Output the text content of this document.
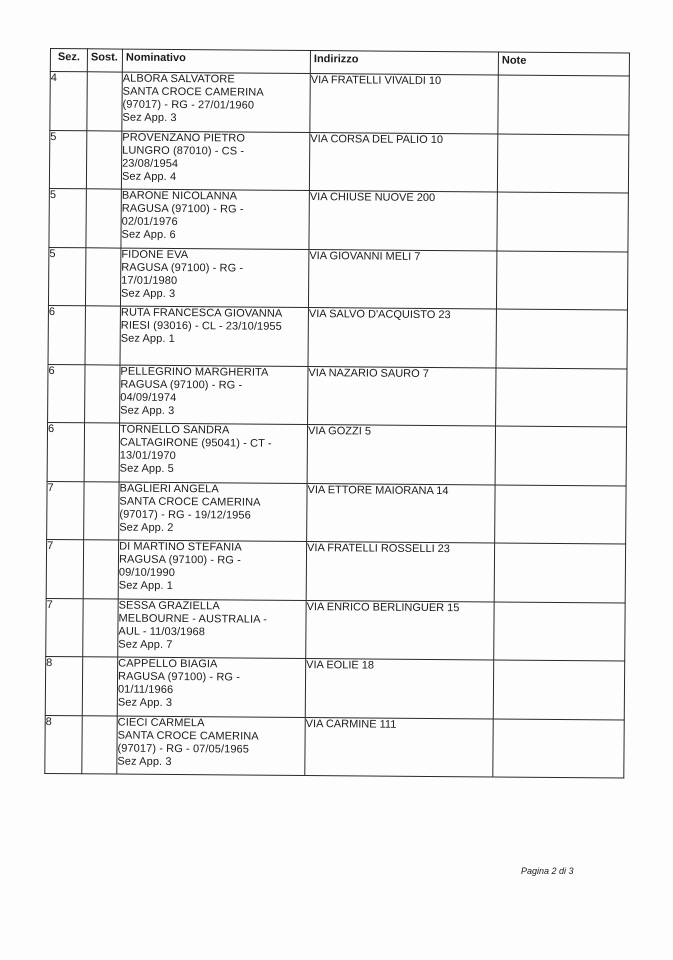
Sez.	Sost.	Nominativo	Indirizzo	Note
4		ALBORA SALVATORE
SANTA CROCE CAMERINA
(97017) - RG - 27/01/1960
Sez App. 3	VIA FRATELLI VIVALDI 10	
5		PROVENZANO PIETRO
LUNGRO (87010) - CS -
23/08/1954
Sez App. 4	VIA CORSA DEL PALIO 10	
5		BARONE NICOLANNA
RAGUSA (97100) - RG -
02/01/1976
Sez App. 6	VIA CHIUSE NUOVE 200	
5		FIDONE EVA
RAGUSA (97100) - RG -
17/01/1980
Sez App. 3	VIA GIOVANNI MELI 7	
6		RUTA FRANCESCA GIOVANNA
RIESI (93016) - CL - 23/10/1955
Sez App. 1	VIA SALVO D'ACQUISTO 23	
6		PELLEGRINO MARGHERITA
RAGUSA (97100) - RG -
04/09/1974
Sez App. 3	VIA NAZARIO SAURO 7	
6		TORNELLO SANDRA
CALTAGIRONE (95041) - CT -
13/01/1970
Sez App. 5	VIA GOZZI 5	
7		BAGLIERI ANGELA
SANTA CROCE CAMERINA
(97017) - RG - 19/12/1956
Sez App. 2	VIA ETTORE MAIORANA 14	
7		DI MARTINO STEFANIA
RAGUSA (97100) - RG -
09/10/1990
Sez App. 1	VIA FRATELLI ROSSELLI 23	
7		SESSA GRAZIELLA
MELBOURNE - AUSTRALIA -
AUL - 11/03/1968
Sez App. 7	VIA ENRICO BERLINGUER 15	
8		CAPPELLO BIAGIA
RAGUSA (97100) - RG -
01/11/1966
Sez App. 3	VIA EOLIE 18	
8		CIECI CARMELA
SANTA CROCE CAMERINA
(97017) - RG - 07/05/1965
Sez App. 3	VIA CARMINE 111	
Pagina 2 di 3
